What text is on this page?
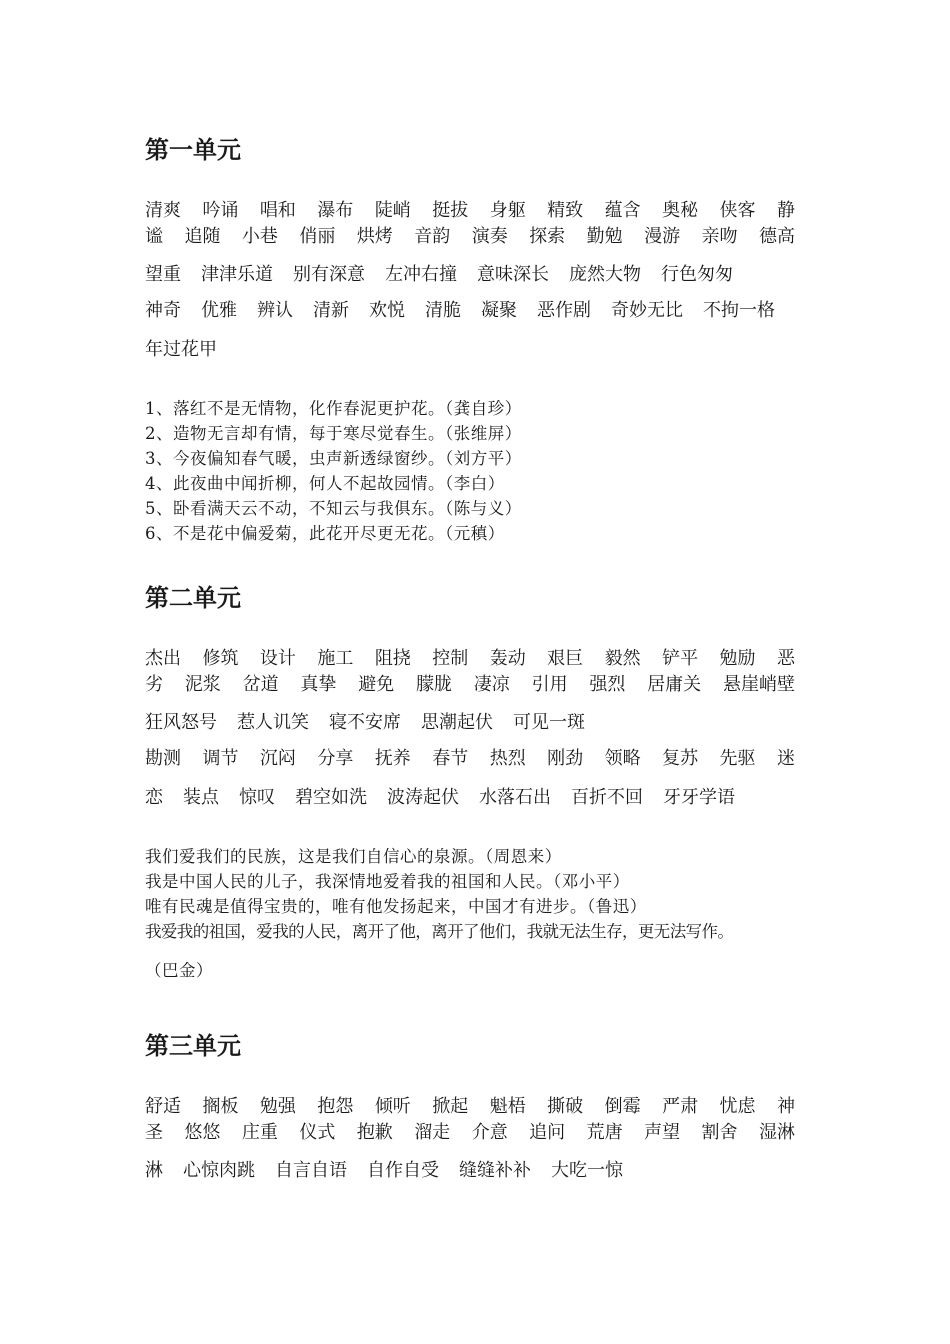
第一单元
清爽 吟诵 唱和 瀑布 陡峭 挺拔 身躯 精致 蕴含 奥秘 侠客 静
谧 追随 小巷 俏丽 烘烤 音韵 演奏 探索 勤勉 漫游 亲吻 德高
望重 津津乐道 别有深意 左冲右撞 意味深长 庞然大物 行色匆匆
神奇 优雅 辨认 清新 欢悦 清脆 凝聚 恶作剧 奇妙无比 不拘一格
年过花甲
1、落红不是无情物，化作春泥更护花。（龚自珍）
2、造物无言却有情，每于寒尽觉春生。（张维屏）
3、今夜偏知春气暖，虫声新透绿窗纱。（刘方平）
4、此夜曲中闻折柳，何人不起故园情。（李白）
5、卧看满天云不动，不知云与我俱东。（陈与义）
6、不是花中偏爱菊，此花开尽更无花。（元稹）
第二单元
杰出 修筑 设计 施工 阻挠 控制 轰动 艰巨 毅然 铲平 勉励 恶
劣 泥浆 岔道 真挚 避免 朦胧 凄凉 引用 强烈 居庸关 悬崖峭壁
狂风怒号 惹人讥笑 寝不安席 思潮起伏 可见一斑
勘测 调节 沉闷 分享 抚养 春节 热烈 刚劲 领略 复苏 先驱 迷
恋 装点 惊叹 碧空如洗 波涛起伏 水落石出 百折不回 牙牙学语
我们爱我们的民族，这是我们自信心的泉源。（周恩来）
我是中国人民的儿子，我深情地爱着我的祖国和人民。（邓小平）
唯有民魂是值得宝贵的，唯有他发扬起来，中国才有进步。（鲁迅）
我爱我的祖国，爱我的人民，离开了他，离开了他们，我就无法生存，更无法写作。
（巴金）
第三单元
舒适 搁板 勉强 抱怨 倾听 掀起 魁梧 撕破 倒霉 严肃 忧虑 神
圣 悠悠 庄重 仪式 抱歉 溜走 介意 追问 荒唐 声望 割舍 湿淋
淋 心惊肉跳 自言自语 自作自受 缝缝补补 大吃一惊
